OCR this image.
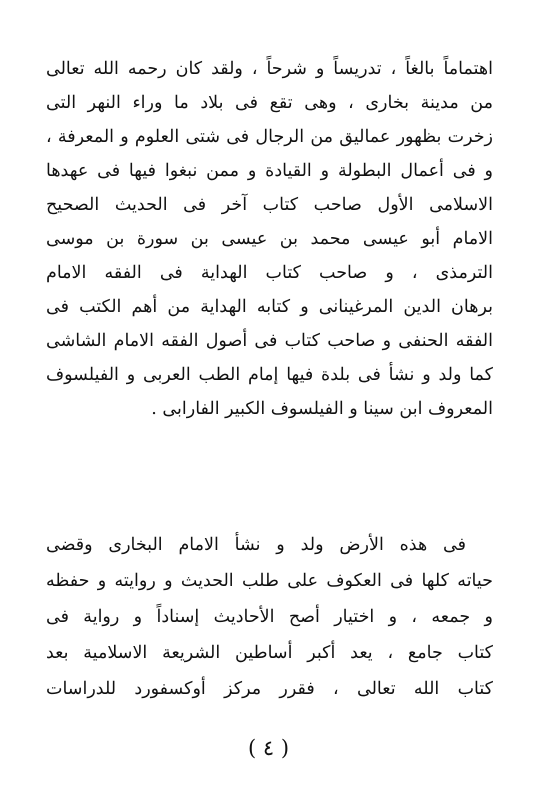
اهتماماً بالغاً ، تدريساً و شرحاً ، ولقد كان رحمه الله تعالى
من مدينة بخارى ، وهى تقع فى بلاد ما وراء النهر التى
زخرت بظهور عماليق من الرجال فى شتى العلوم و المعرفة ،
و فى أعمال البطولة و القيادة و ممن نبغوا فيها فى عهدها
الاسلامى الأول صاحب كتاب آخر فى الحديث الصحيح
الامام أبو عيسى محمد بن عيسى بن سورة بن موسى
الترمذى ، و صاحب كتاب الهداية فى الفقه الامام
برهان الدين المرغينانى و كتابه الهداية من أهم الكتب فى
الفقه الحنفى و صاحب كتاب فى أصول الفقه الامام الشاشى
كما ولد و نشأ فى بلدة فيها إمام الطب العربى و الفيلسوف
المعروف ابن سينا و الفيلسوف الكبير الفارابى .
فى هذه الأرض ولد و نشأ الامام البخارى وقضى
حياته كلها فى العكوف على طلب الحديث و روايته و حفظه
و جمعه ، و اختيار أصح الأحاديث إسناداً و رواية فى
كتاب جامع ، يعد أكبر أساطين الشريعة الاسلامية بعد
كتاب الله تعالى ، فقرر مركز أوكسفورد للدراسات
( ٤ )
